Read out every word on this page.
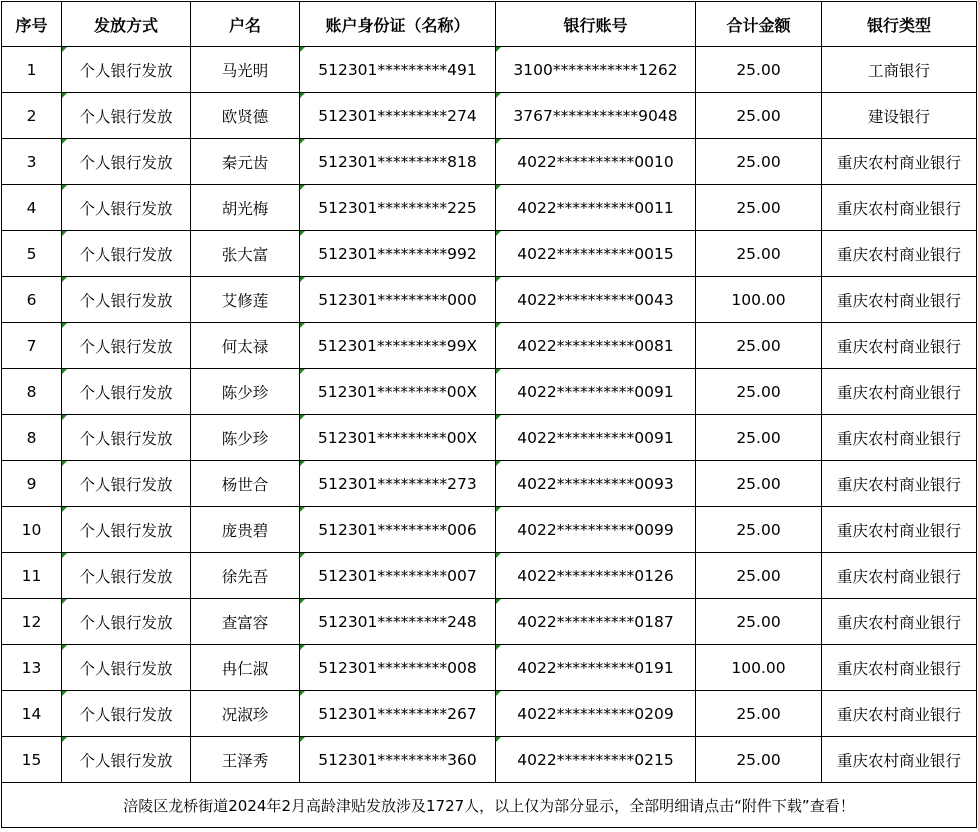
序号	发放方式	户名	账户身份证（名称）	银行账号	合计金额	银行类型
1	个人银行发放	马光明	512301*********491	3100***********1262	25.00	工商银行
2	个人银行发放	欧贤德	512301*********274	3767***********9048	25.00	建设银行
3	个人银行发放	秦元齿	512301*********818	4022**********0010	25.00	重庆农村商业银行
4	个人银行发放	胡光梅	512301*********225	4022**********0011	25.00	重庆农村商业银行
5	个人银行发放	张大富	512301*********992	4022**********0015	25.00	重庆农村商业银行
6	个人银行发放	艾修莲	512301*********000	4022**********0043	100.00	重庆农村商业银行
7	个人银行发放	何太禄	512301*********99X	4022**********0081	25.00	重庆农村商业银行
8	个人银行发放	陈少珍	512301*********00X	4022**********0091	25.00	重庆农村商业银行
8	个人银行发放	陈少珍	512301*********00X	4022**********0091	25.00	重庆农村商业银行
9	个人银行发放	杨世合	512301*********273	4022**********0093	25.00	重庆农村商业银行
10	个人银行发放	庞贵碧	512301*********006	4022**********0099	25.00	重庆农村商业银行
11	个人银行发放	徐先吾	512301*********007	4022**********0126	25.00	重庆农村商业银行
12	个人银行发放	查富容	512301*********248	4022**********0187	25.00	重庆农村商业银行
13	个人银行发放	冉仁淑	512301*********008	4022**********0191	100.00	重庆农村商业银行
14	个人银行发放	况淑珍	512301*********267	4022**********0209	25.00	重庆农村商业银行
15	个人银行发放	王泽秀	512301*********360	4022**********0215	25.00	重庆农村商业银行
涪陵区龙桥街道2024年2月高龄津贴发放涉及1727人，以上仅为部分显示，全部明细请点击“附件下载”查看！						
